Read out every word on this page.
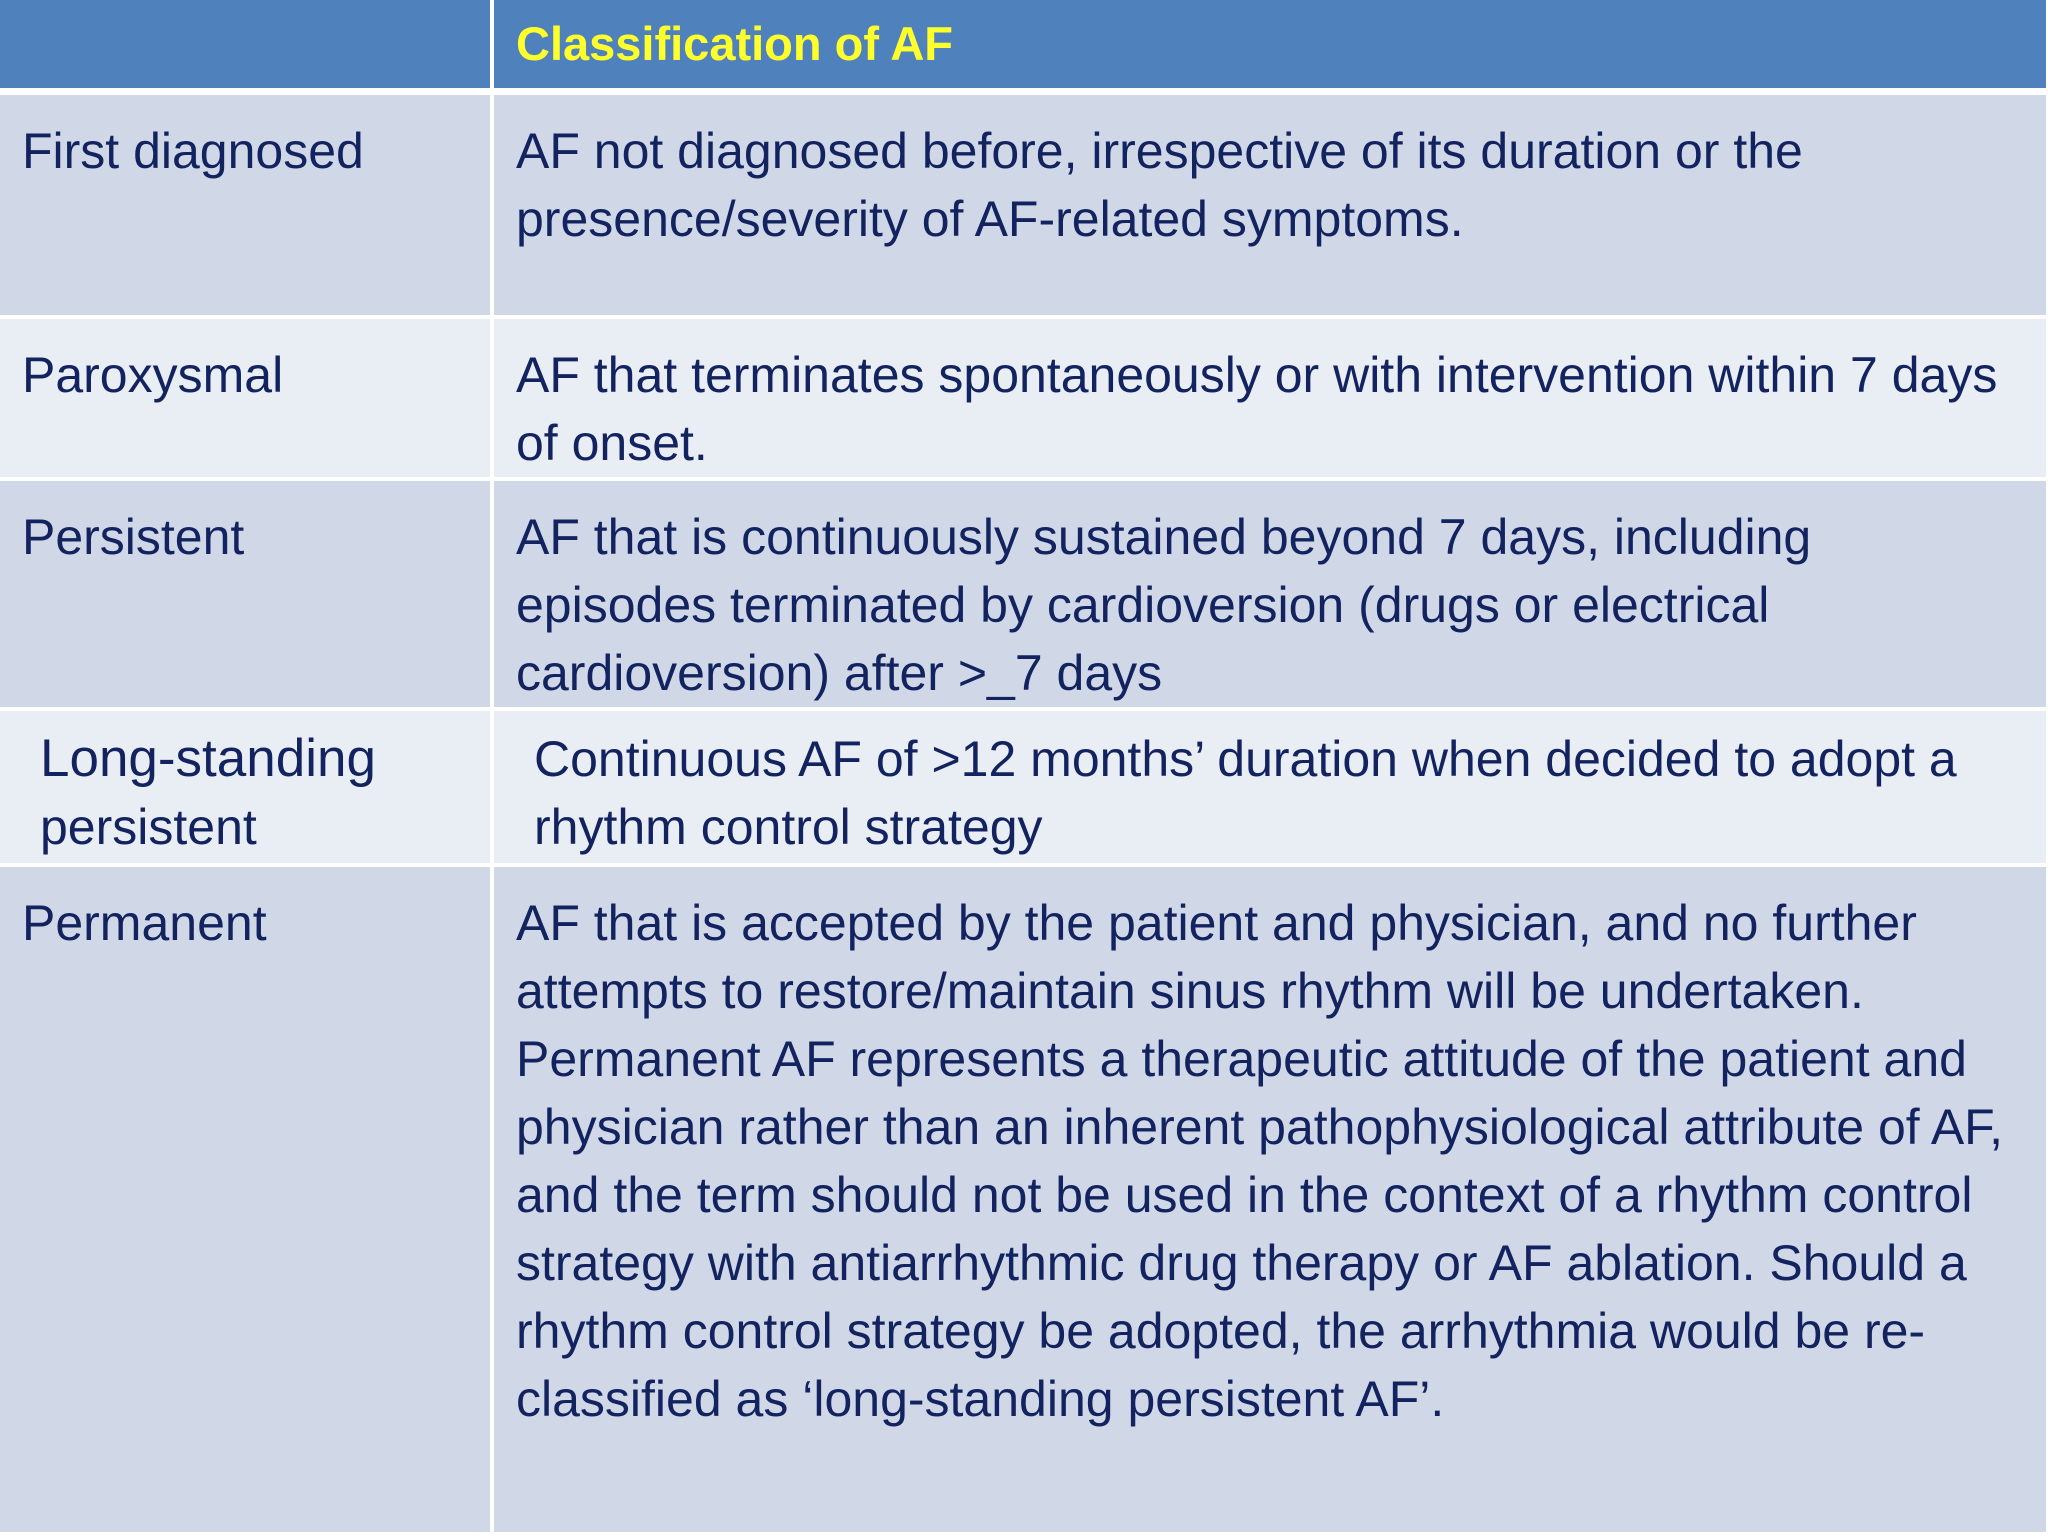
	Classification of AF

First diagnosed	AF not diagnosed before, irrespective of its duration or the presence/severity of AF-related symptoms.

Paroxysmal	AF that terminates spontaneously or with intervention within 7 days of onset.

Persistent	AF that is continuously sustained beyond 7 days, including episodes terminated by cardioversion (drugs or electrical cardioversion) after >_7 days

Long-standing
persistent	Continuous AF of >12 months’ duration when decided to adopt a rhythm control strategy

Permanent	AF that is accepted by the patient and physician, and no further attempts to restore/maintain sinus rhythm will be undertaken. Permanent AF represents a therapeutic attitude of the patient and physician rather than an inherent pathophysiological attribute of AF, and the term should not be used in the context of a rhythm control strategy with antiarrhythmic drug therapy or AF ablation. Should a rhythm control strategy be adopted, the arrhythmia would be re-classified as ‘long-standing persistent AF’.
